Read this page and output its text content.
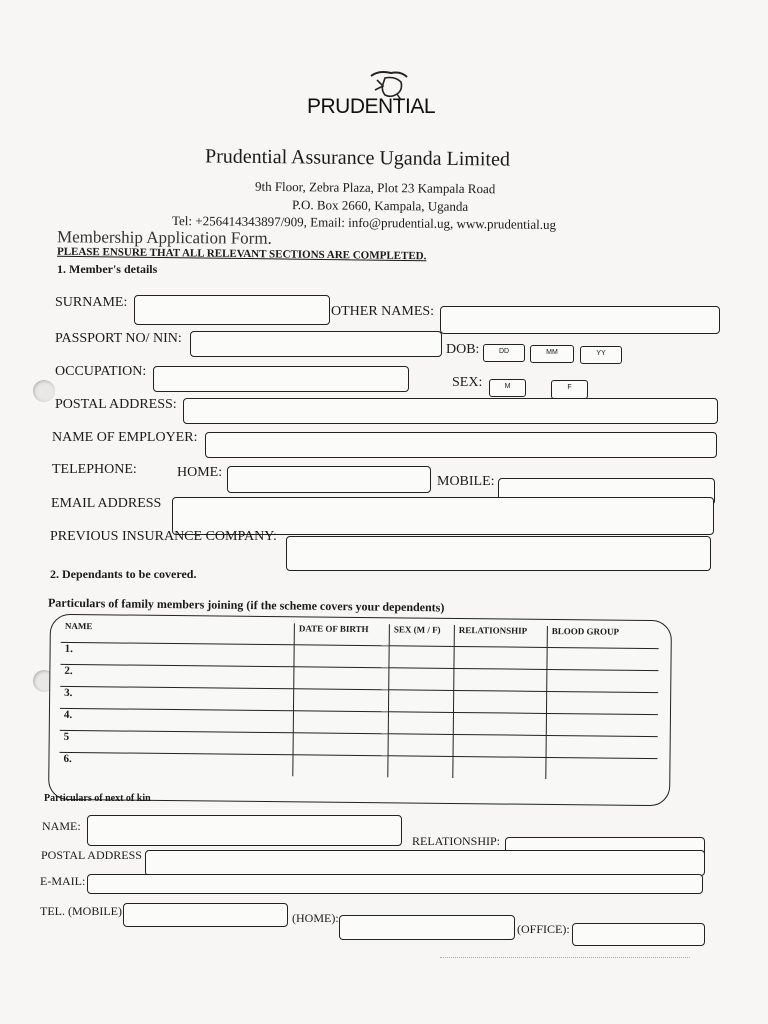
PRUDENTIAL
Prudential Assurance Uganda Limited
9th Floor, Zebra Plaza, Plot 23 Kampala Road
P.O. Box 2660, Kampala, Uganda
Tel: +256414343897/909, Email: info@prudential.ug, www.prudential.ug
Membership Application Form.
PLEASE ENSURE THAT ALL RELEVANT SECTIONS ARE COMPLETED.
1. Member's details
SURNAME:
OTHER NAMES:
PASSPORT NO/ NIN:
DOB:	DD	MM	YY
OCCUPATION:
SEX:	M	F
POSTAL ADDRESS:
NAME OF EMPLOYER:
TELEPHONE:	HOME:
MOBILE:
EMAIL ADDRESS
PREVIOUS INSURANCE COMPANY:
2. Dependants to be covered.
Particulars of family members joining (if the scheme covers your dependents)
NAME	DATE OF BIRTH	SEX (M / F)	RELATIONSHIP	BLOOD GROUP
1.				
2.				
3.				
4.				
5				
6.				
Particulars of next of kin
NAME:
RELATIONSHIP:
POSTAL ADDRESS
E-MAIL:
TEL. (MOBILE)	(HOME):
(OFFICE):
